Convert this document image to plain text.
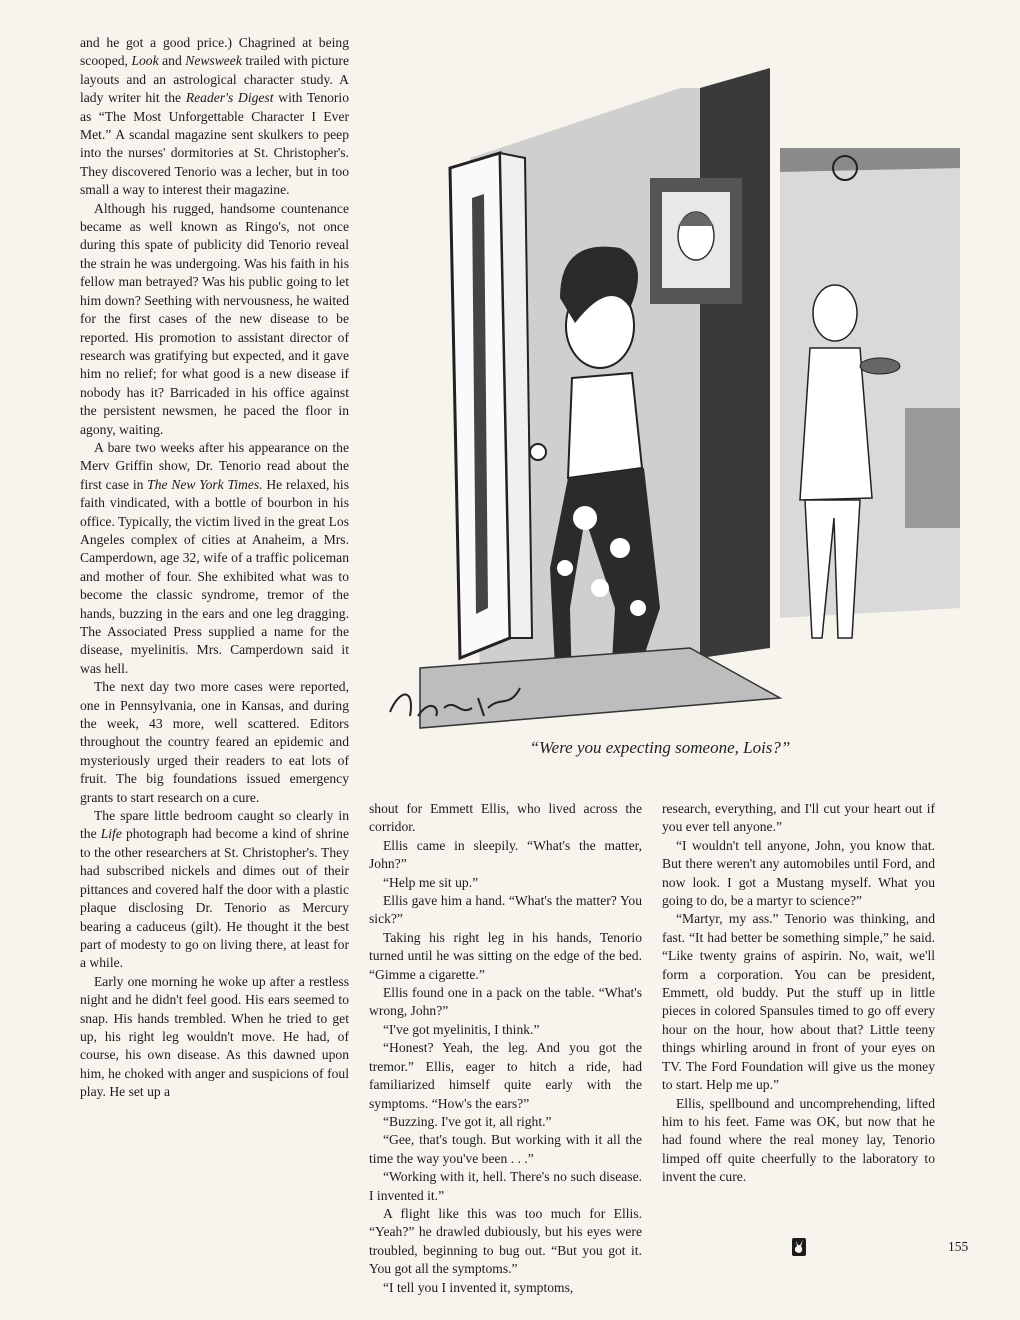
and he got a good price.) Chagrined at being scooped, Look and Newsweek trailed with picture layouts and an astrological character study. A lady writer hit the Reader's Digest with Tenorio as “The Most Unforgettable Character I Ever Met.” A scandal magazine sent skulkers to peep into the nurses' dormitories at St. Christopher's. They discovered Tenorio was a lecher, but in too small a way to interest their magazine.

Although his rugged, handsome countenance became as well known as Ringo's, not once during this spate of publicity did Tenorio reveal the strain he was undergoing. Was his faith in his fellow man betrayed? Was his public going to let him down? Seething with nervousness, he waited for the first cases of the new disease to be reported. His promotion to assistant director of research was gratifying but expected, and it gave him no relief; for what good is a new disease if nobody has it? Barricaded in his office against the persistent newsmen, he paced the floor in agony, waiting.

A bare two weeks after his appearance on the Merv Griffin show, Dr. Tenorio read about the first case in The New York Times. He relaxed, his faith vindicated, with a bottle of bourbon in his office. Typically, the victim lived in the great Los Angeles complex of cities at Anaheim, a Mrs. Camperdown, age 32, wife of a traffic policeman and mother of four. She exhibited what was to become the classic syndrome, tremor of the hands, buzzing in the ears and one leg dragging. The Associated Press supplied a name for the disease, myelinitis. Mrs. Camperdown said it was hell.

The next day two more cases were reported, one in Pennsylvania, one in Kansas, and during the week, 43 more, well scattered. Editors throughout the country feared an epidemic and mysteriously urged their readers to eat lots of fruit. The big foundations issued emergency grants to start research on a cure.

The spare little bedroom caught so clearly in the Life photograph had become a kind of shrine to the other researchers at St. Christopher's. They had subscribed nickels and dimes out of their pittances and covered half the door with a plastic plaque disclosing Dr. Tenorio as Mercury bearing a caduceus (gilt). He thought it the best part of modesty to go on living there, at least for a while.

Early one morning he woke up after a restless night and he didn't feel good. His ears seemed to snap. His hands trembled. When he tried to get up, his right leg wouldn't move. He had, of course, his own disease. As this dawned upon him, he choked with anger and suspicions of foul play. He set up a

“Were you expecting someone, Lois?”

shout for Emmett Ellis, who lived across the corridor.

Ellis came in sleepily. “What's the matter, John?”

“Help me sit up.”

Ellis gave him a hand. “What's the matter? You sick?”

Taking his right leg in his hands, Tenorio turned until he was sitting on the edge of the bed. “Gimme a cigarette.”

Ellis found one in a pack on the table. “What's wrong, John?”

“I've got myelinitis, I think.”

“Honest? Yeah, the leg. And you got the tremor.” Ellis, eager to hitch a ride, had familiarized himself quite early with the symptoms. “How's the ears?”

“Buzzing. I've got it, all right.”

“Gee, that's tough. But working with it all the time the way you've been . . .”

“Working with it, hell. There's no such disease. I invented it.”

A flight like this was too much for Ellis. “Yeah?” he drawled dubiously, but his eyes were troubled, beginning to bug out. “But you got it. You got all the symptoms.”

“I tell you I invented it, symptoms,

research, everything, and I'll cut your heart out if you ever tell anyone.”

“I wouldn't tell anyone, John, you know that. But there weren't any automobiles until Ford, and now look. I got a Mustang myself. What you going to do, be a martyr to science?”

“Martyr, my ass.” Tenorio was thinking, and fast. “It had better be something simple,” he said. “Like twenty grains of aspirin. No, wait, we'll form a corporation. You can be president, Emmett, old buddy. Put the stuff up in little pieces in colored Spansules timed to go off every hour on the hour, how about that? Little teeny things whirling around in front of your eyes on TV. The Ford Foundation will give us the money to start. Help me up.”

Ellis, spellbound and uncomprehending, lifted him to his feet. Fame was OK, but now that he had found where the real money lay, Tenorio limped off quite cheerfully to the laboratory to invent the cure.

155
